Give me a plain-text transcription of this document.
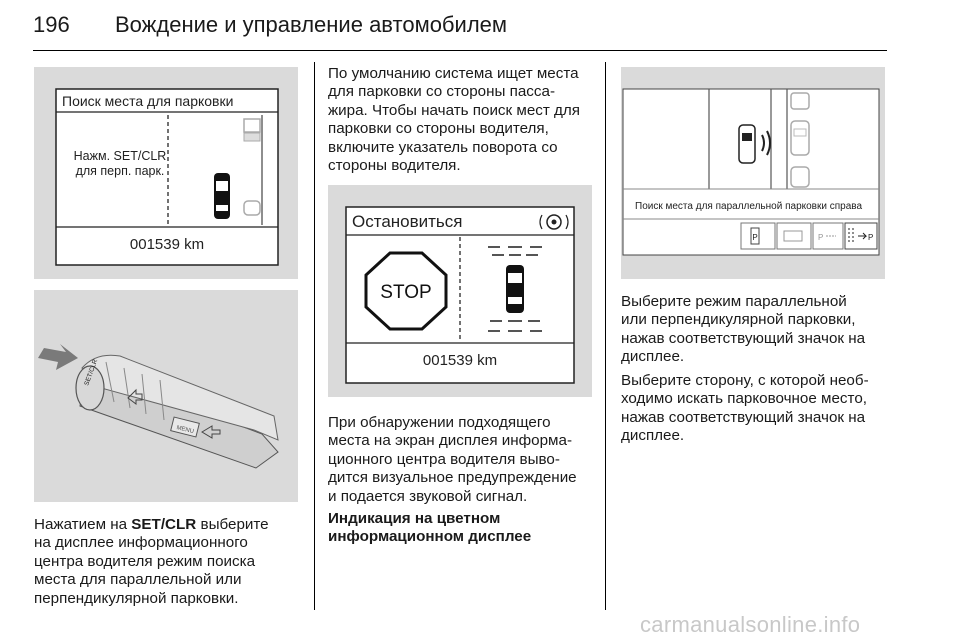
196 Вождение и управление автомобилем
Поиск места для парковки
Нажм. SET/CLR
для перп. парк.
001539 km
SET/CLR
MENU
Нажатием на SET/CLR выберите
на дисплее информационного
центра водителя режим поиска
места для параллельной или
перпендикулярной парковки.
По умолчанию система ищет места
для парковки со стороны пасса-
жира. Чтобы начать поиск мест для
парковки со стороны водителя,
включите указатель поворота со
стороны водителя.
Остановиться
STOP
001539 km
При обнаружении подходящего
места на экран дисплея информа-
ционного центра водителя выво-
дится визуальное предупреждение
и подается звуковой сигнал.
Индикация на цветном
информационном дисплее
Поиск места для параллельной парковки справа
P	P	P
Выберите режим параллельной
или перпендикулярной парковки,
нажав соответствующий значок на
дисплее.
Выберите сторону, с которой необ-
ходимо искать парковочное место,
нажав соответствующий значок на
дисплее.
carmanualsonline.info
